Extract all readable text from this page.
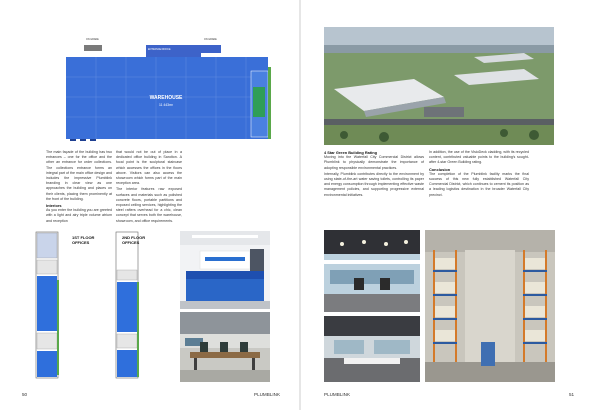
ENTRANCE/OFFICE
ON GRADE	ON GRADE
WAREHOUSE
11 443m²

The main façade of the building has two entrances – one for the office and the other an entrance for order collections. The collections entrance forms an integral part of the main office design and includes the impressive Plumblink branding in clear view as one approaches the building and places on their clients, placing them prominently at the front of the building.

Interiors

As you enter the building you are greeted with a light and airy triple volume atrium and reception

that would not be out of place in a dedicated office building in Sandton. A focal point is the sculptural staircase which accesses the offices in the floors above. Visitors can also access the showroom which forms part of the main reception area.

The interior features raw exposed surfaces and materials such as polished concrete floors, portable partitions and exposed ceiling services, highlighting the steel rafters overhead for a chic, clean concept that serves both the warehouse, showroom, and office requirements.

1ST FLOOR OFFICES
2ND FLOOR OFFICES
50	PLUMBLINK
4 Star Green Building Rating

Moving into the Waterfall City Commercial District allows Plumblink to physically demonstrate the importance of adopting responsible environmental practices.

Internally, Plumblink contributes directly to the environment by using state-of-the-art water saving toilets, controlling its paper and energy consumption through implementing effective waste management policies, and supporting progressive external environmental initiatives.

In addition, the use of the VisioDeck cladding, with its recycled content, contributed valuable points to the building's sought-after 4-star Green Building rating.

Conclusion

The completion of the Plumblink facility marks the final success of this new fully established Waterfall City Commercial District, which continues to cement its position as a leading logistics destination in the broader Waterfall City precinct.

PLUMBLINK	51
